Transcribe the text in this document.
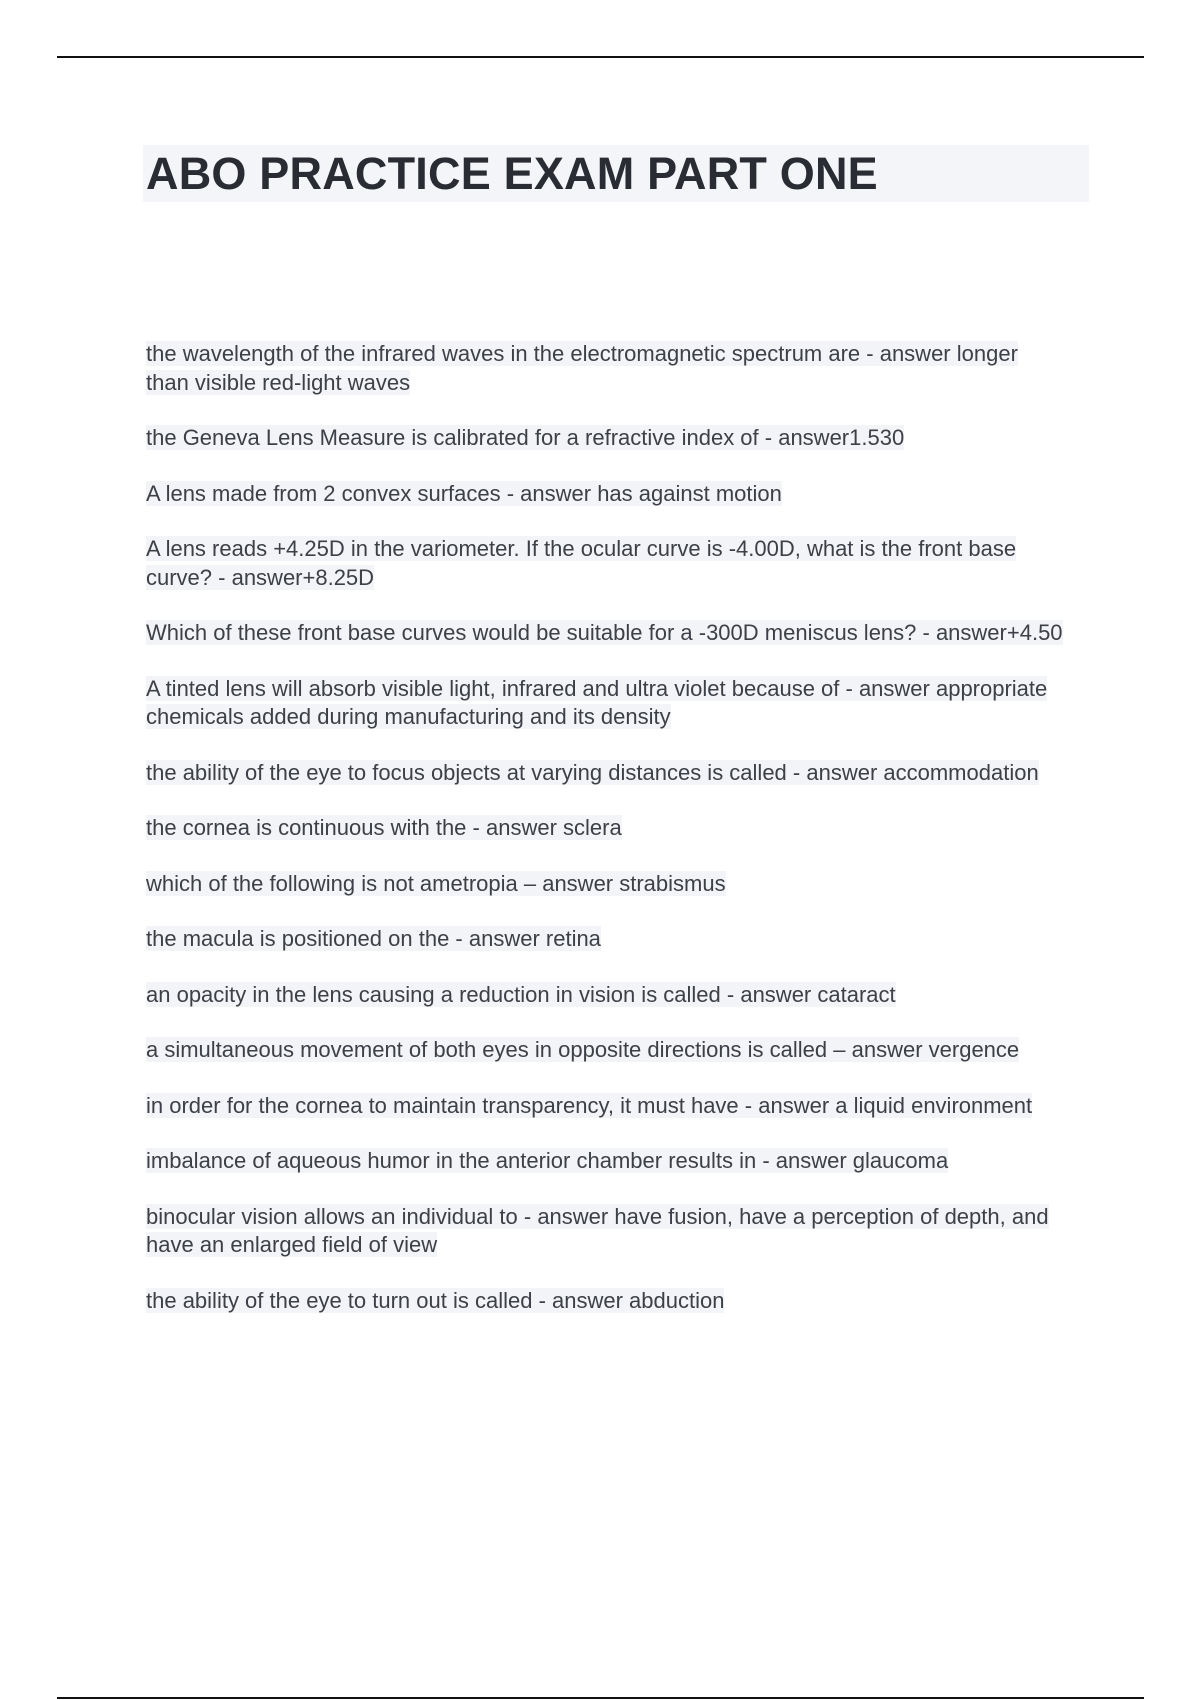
ABO PRACTICE EXAM PART ONE
the wavelength of the infrared waves in the electromagnetic spectrum are - answer longer than visible red-light waves
the Geneva Lens Measure is calibrated for a refractive index of - answer1.530
A lens made from 2 convex surfaces - answer has against motion
A lens reads +4.25D in the variometer. If the ocular curve is -4.00D, what is the front base curve? - answer+8.25D
Which of these front base curves would be suitable for a -300D meniscus lens? - answer+4.50
A tinted lens will absorb visible light, infrared and ultra violet because of - answer appropriate chemicals added during manufacturing and its density
the ability of the eye to focus objects at varying distances is called - answer accommodation
the cornea is continuous with the - answer sclera
which of the following is not ametropia – answer strabismus
the macula is positioned on the - answer retina
an opacity in the lens causing a reduction in vision is called - answer cataract
a simultaneous movement of both eyes in opposite directions is called – answer vergence
in order for the cornea to maintain transparency, it must have - answer a liquid environment
imbalance of aqueous humor in the anterior chamber results in - answer glaucoma
binocular vision allows an individual to - answer have fusion, have a perception of depth, and have an enlarged field of view
the ability of the eye to turn out is called - answer abduction
